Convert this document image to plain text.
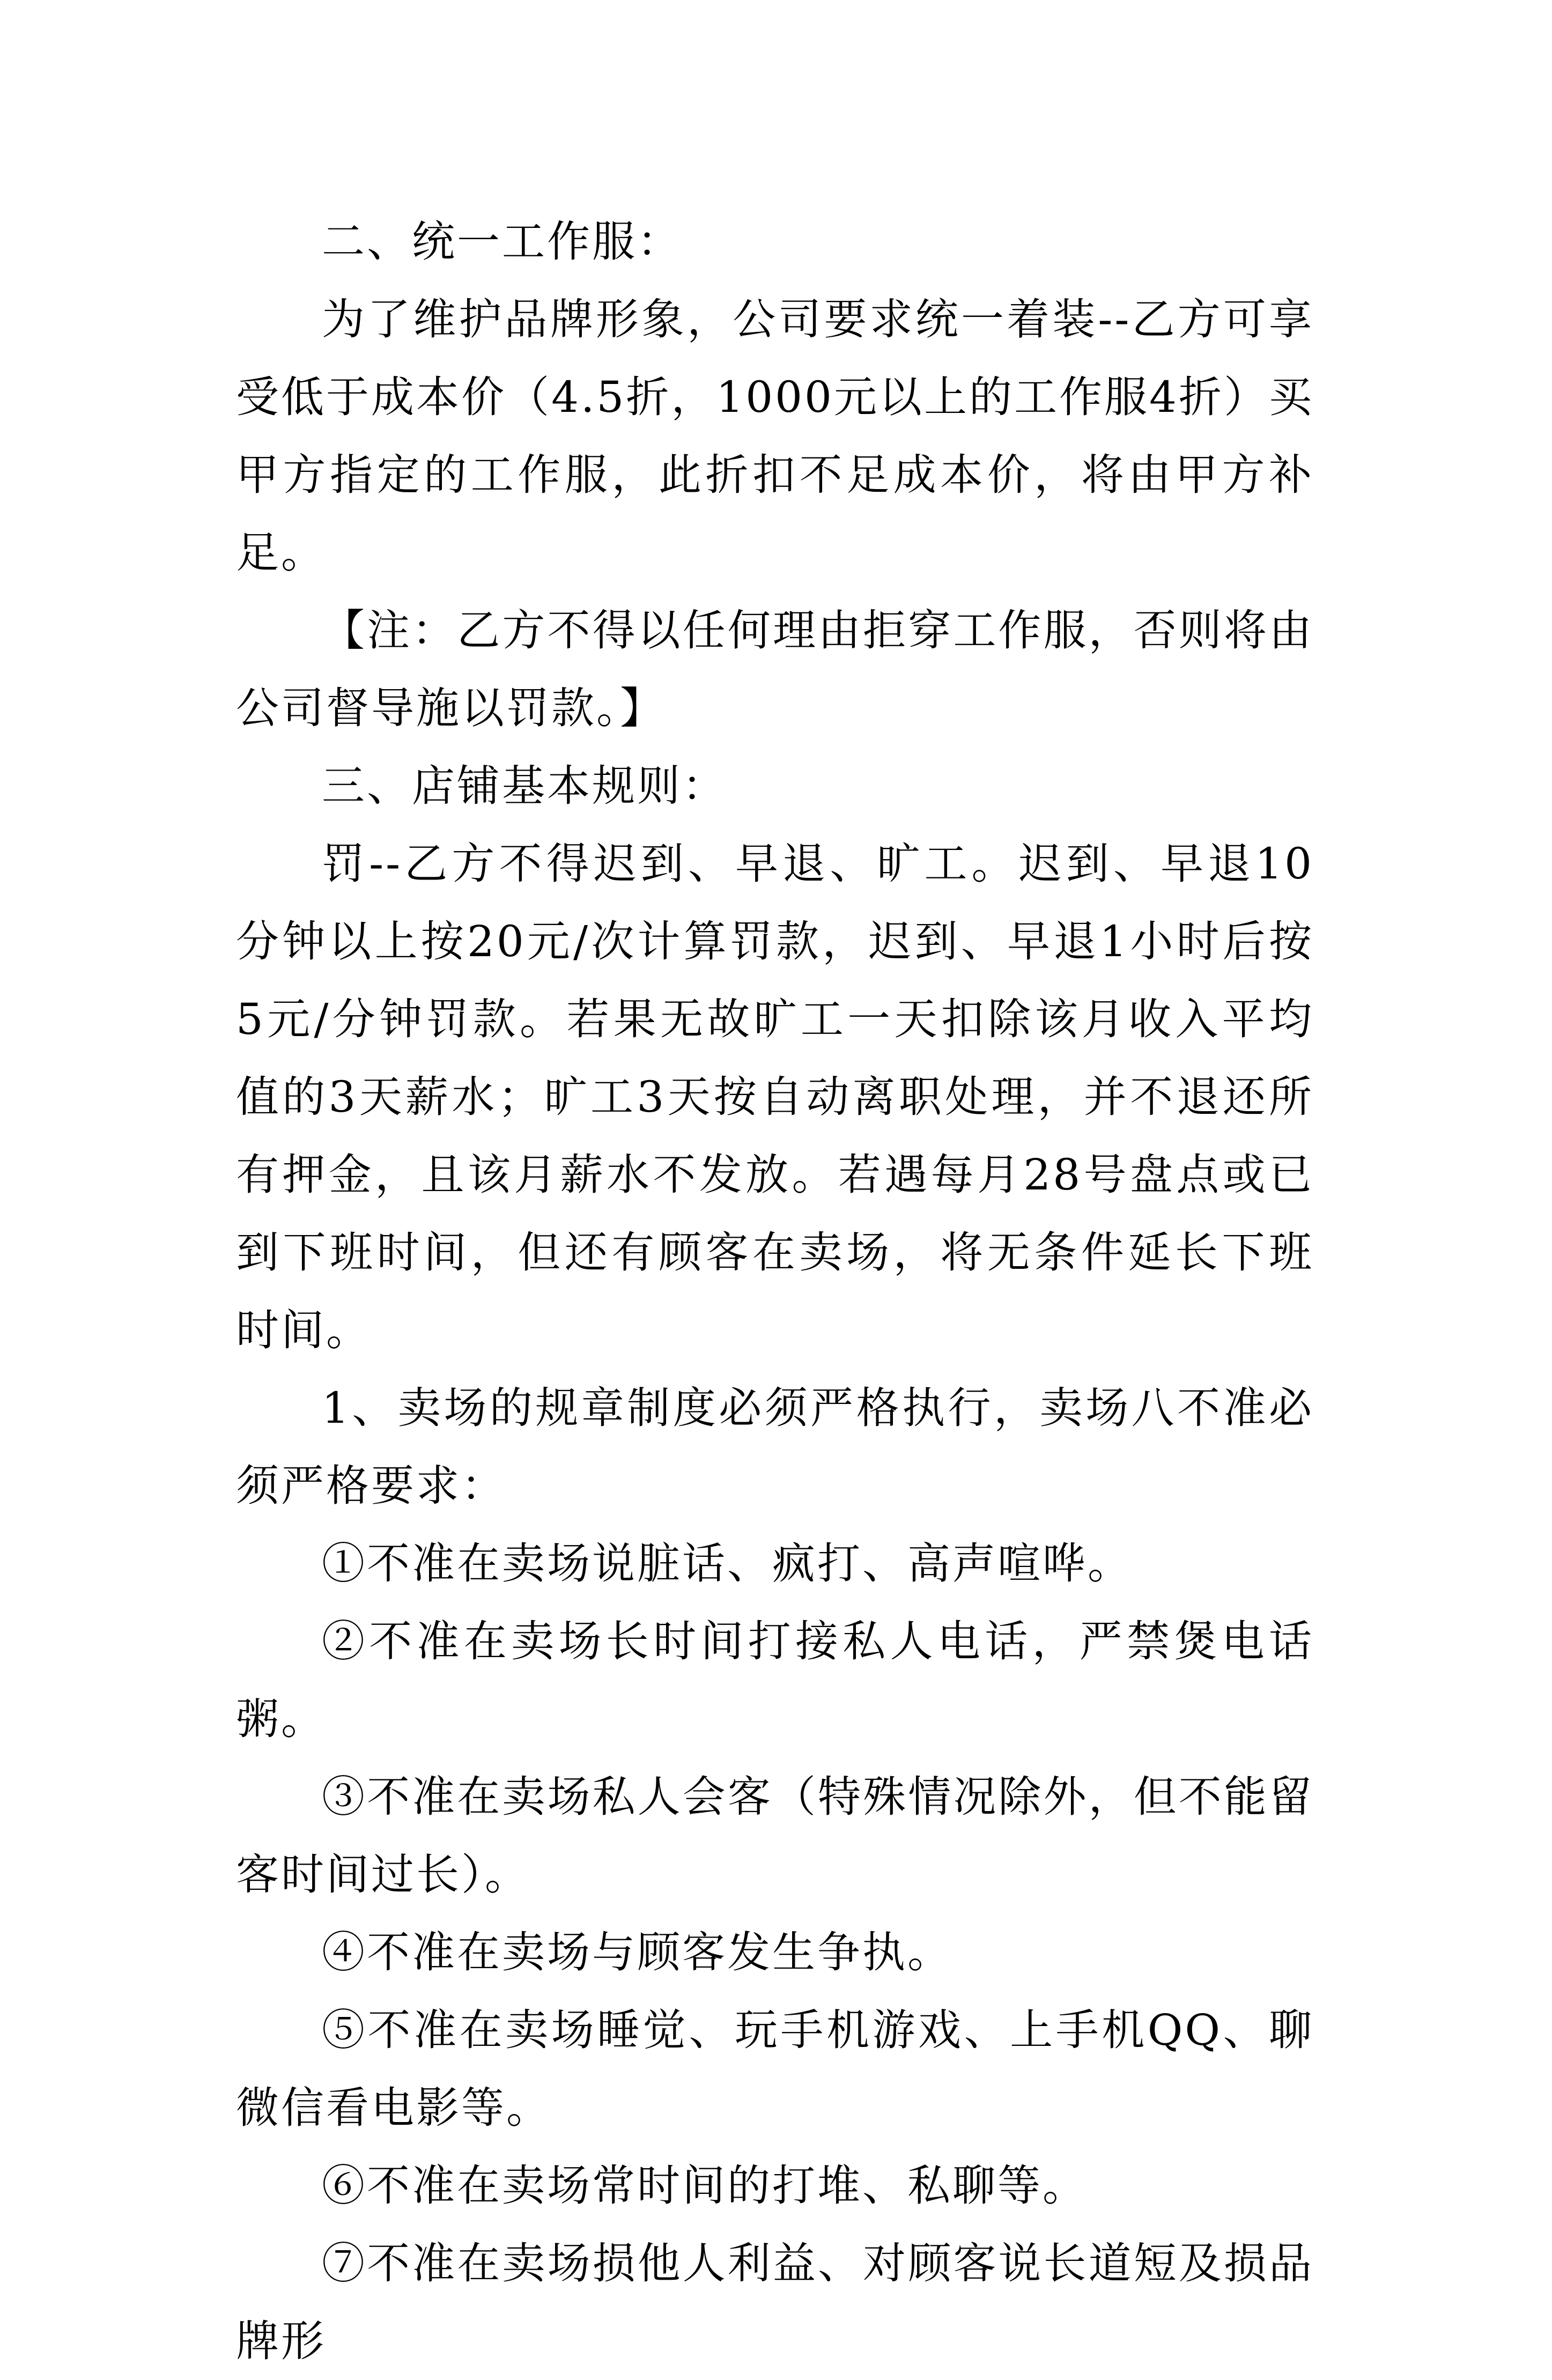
二、统一工作服：

为了维护品牌形象，公司要求统一着装--乙方可享受低于成本价（4.5折，1000元以上的工作服4折）买甲方指定的工作服，此折扣不足成本价，将由甲方补足。

【注：乙方不得以任何理由拒穿工作服，否则将由公司督导施以罚款。】

三、店铺基本规则：

罚--乙方不得迟到、早退、旷工。迟到、早退10分钟以上按20元/次计算罚款，迟到、早退1小时后按5元/分钟罚款。若果无故旷工一天扣除该月收入平均值的3天薪水；旷工3天按自动离职处理，并不退还所有押金，且该月薪水不发放。若遇每月28号盘点或已到下班时间，但还有顾客在卖场，将无条件延长下班时间。

1、卖场的规章制度必须严格执行，卖场八不准必须严格要求：

①不准在卖场说脏话、疯打、高声喧哗。

②不准在卖场长时间打接私人电话，严禁煲电话粥。

③不准在卖场私人会客（特殊情况除外，但不能留客时间过长）。

④不准在卖场与顾客发生争执。

⑤不准在卖场睡觉、玩手机游戏、上手机QQ、聊微信看电影等。

⑥不准在卖场常时间的打堆、私聊等。

⑦不准在卖场损他人利益、对顾客说长道短及损品牌形
